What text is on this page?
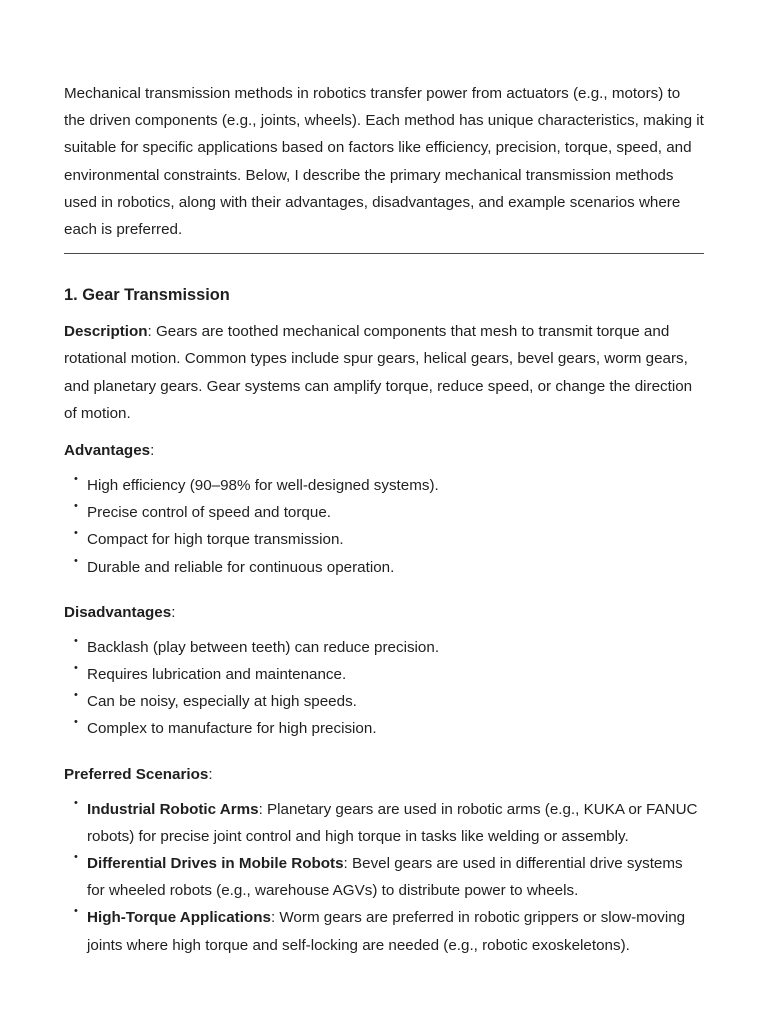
Mechanical transmission methods in robotics transfer power from actuators (e.g., motors) to the driven components (e.g., joints, wheels). Each method has unique characteristics, making it suitable for specific applications based on factors like efficiency, precision, torque, speed, and environmental constraints. Below, I describe the primary mechanical transmission methods used in robotics, along with their advantages, disadvantages, and example scenarios where each is preferred.

1. Gear Transmission

Description: Gears are toothed mechanical components that mesh to transmit torque and rotational motion. Common types include spur gears, helical gears, bevel gears, worm gears, and planetary gears. Gear systems can amplify torque, reduce speed, or change the direction of motion.

Advantages:

• High efficiency (90–98% for well-designed systems).
• Precise control of speed and torque.
• Compact for high torque transmission.
• Durable and reliable for continuous operation.

Disadvantages:

• Backlash (play between teeth) can reduce precision.
• Requires lubrication and maintenance.
• Can be noisy, especially at high speeds.
• Complex to manufacture for high precision.

Preferred Scenarios:

• Industrial Robotic Arms: Planetary gears are used in robotic arms (e.g., KUKA or FANUC robots) for precise joint control and high torque in tasks like welding or assembly.
• Differential Drives in Mobile Robots: Bevel gears are used in differential drive systems for wheeled robots (e.g., warehouse AGVs) to distribute power to wheels.
• High-Torque Applications: Worm gears are preferred in robotic grippers or slow-moving joints where high torque and self-locking are needed (e.g., robotic exoskeletons).
